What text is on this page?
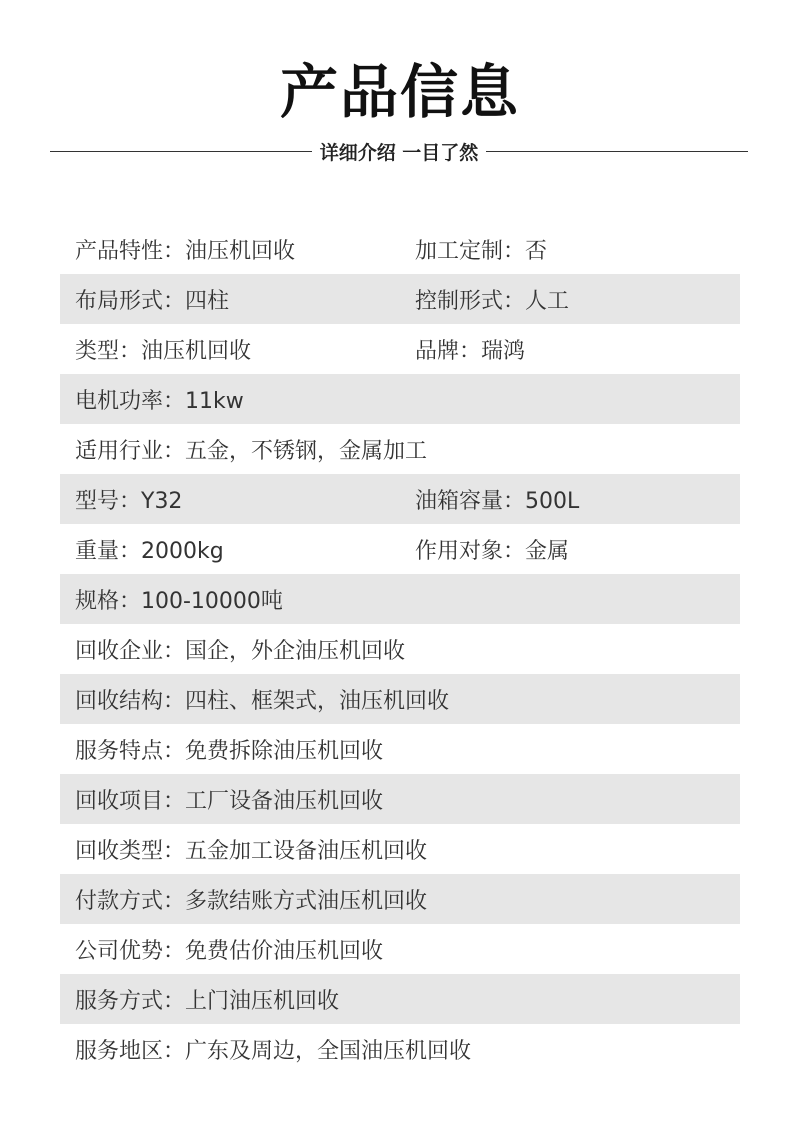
产品信息
详细介绍 一目了然
产品特性：油压机回收	加工定制：否
布局形式：四柱	控制形式：人工
类型：油压机回收	品牌：瑞鸿
电机功率：11kw
适用行业：五金，不锈钢，金属加工
型号：Y32	油箱容量：500L
重量：2000kg	作用对象：金属
规格：100-10000吨
回收企业：国企，外企油压机回收
回收结构：四柱、框架式，油压机回收
服务特点：免费拆除油压机回收
回收项目：工厂设备油压机回收
回收类型：五金加工设备油压机回收
付款方式：多款结账方式油压机回收
公司优势：免费估价油压机回收
服务方式：上门油压机回收
服务地区：广东及周边，全国油压机回收
